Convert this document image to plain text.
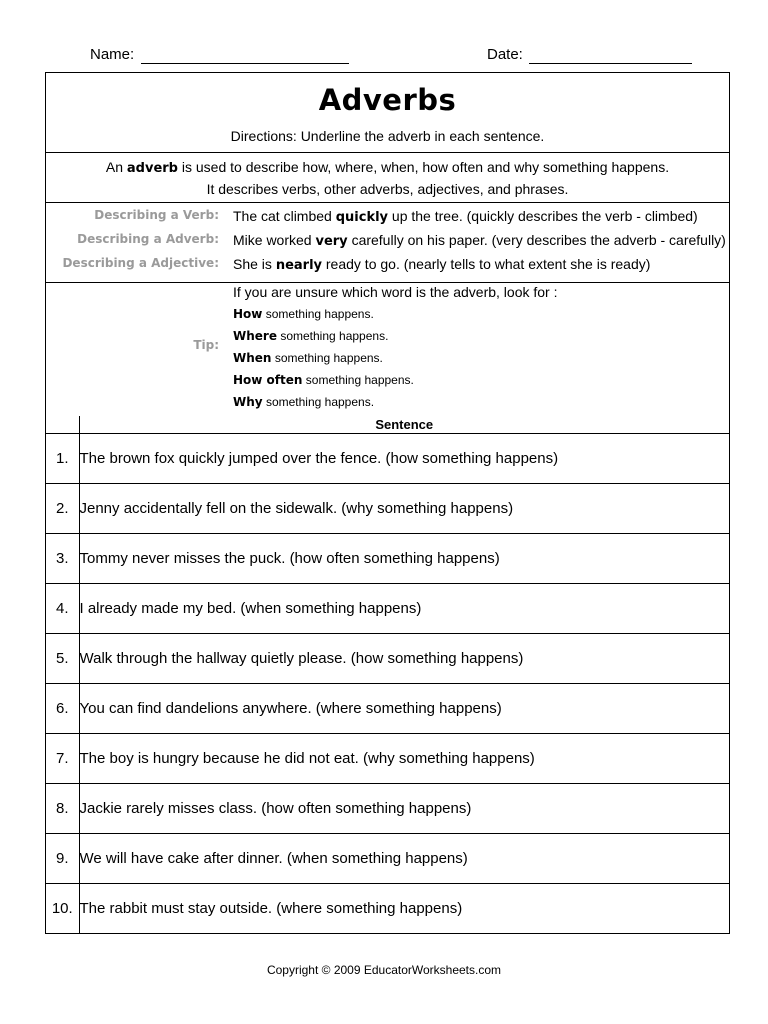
Name:	Date:
Adverbs
Directions: Underline the adverb in each sentence.
An adverb is used to describe how, where, when, how often and why something happens.
It describes verbs, other adverbs, adjectives, and phrases.
Describing a Verb: The cat climbed quickly up the tree. (quickly describes the verb - climbed)
Describing a Adverb: Mike worked very carefully on his paper. (very describes the adverb - carefully)
Describing a Adjective: She is nearly ready to go. (nearly tells to what extent she is ready)
Tip:
If you are unsure which word is the adverb, look for :
How something happens.
Where something happens.
When something happens.
How often something happens.
Why something happens.
	Sentence
1.	The brown fox quickly jumped over the fence. (how something happens)
2.	Jenny accidentally fell on the sidewalk. (why something happens)
3.	Tommy never misses the puck. (how often something happens)
4.	I already made my bed. (when something happens)
5.	Walk through the hallway quietly please. (how something happens)
6.	You can find dandelions anywhere. (where something happens)
7.	The boy is hungry because he did not eat. (why something happens)
8.	Jackie rarely misses class. (how often something happens)
9.	We will have cake after dinner. (when something happens)
10.	The rabbit must stay outside. (where something happens)
Copyright © 2009 EducatorWorksheets.com
